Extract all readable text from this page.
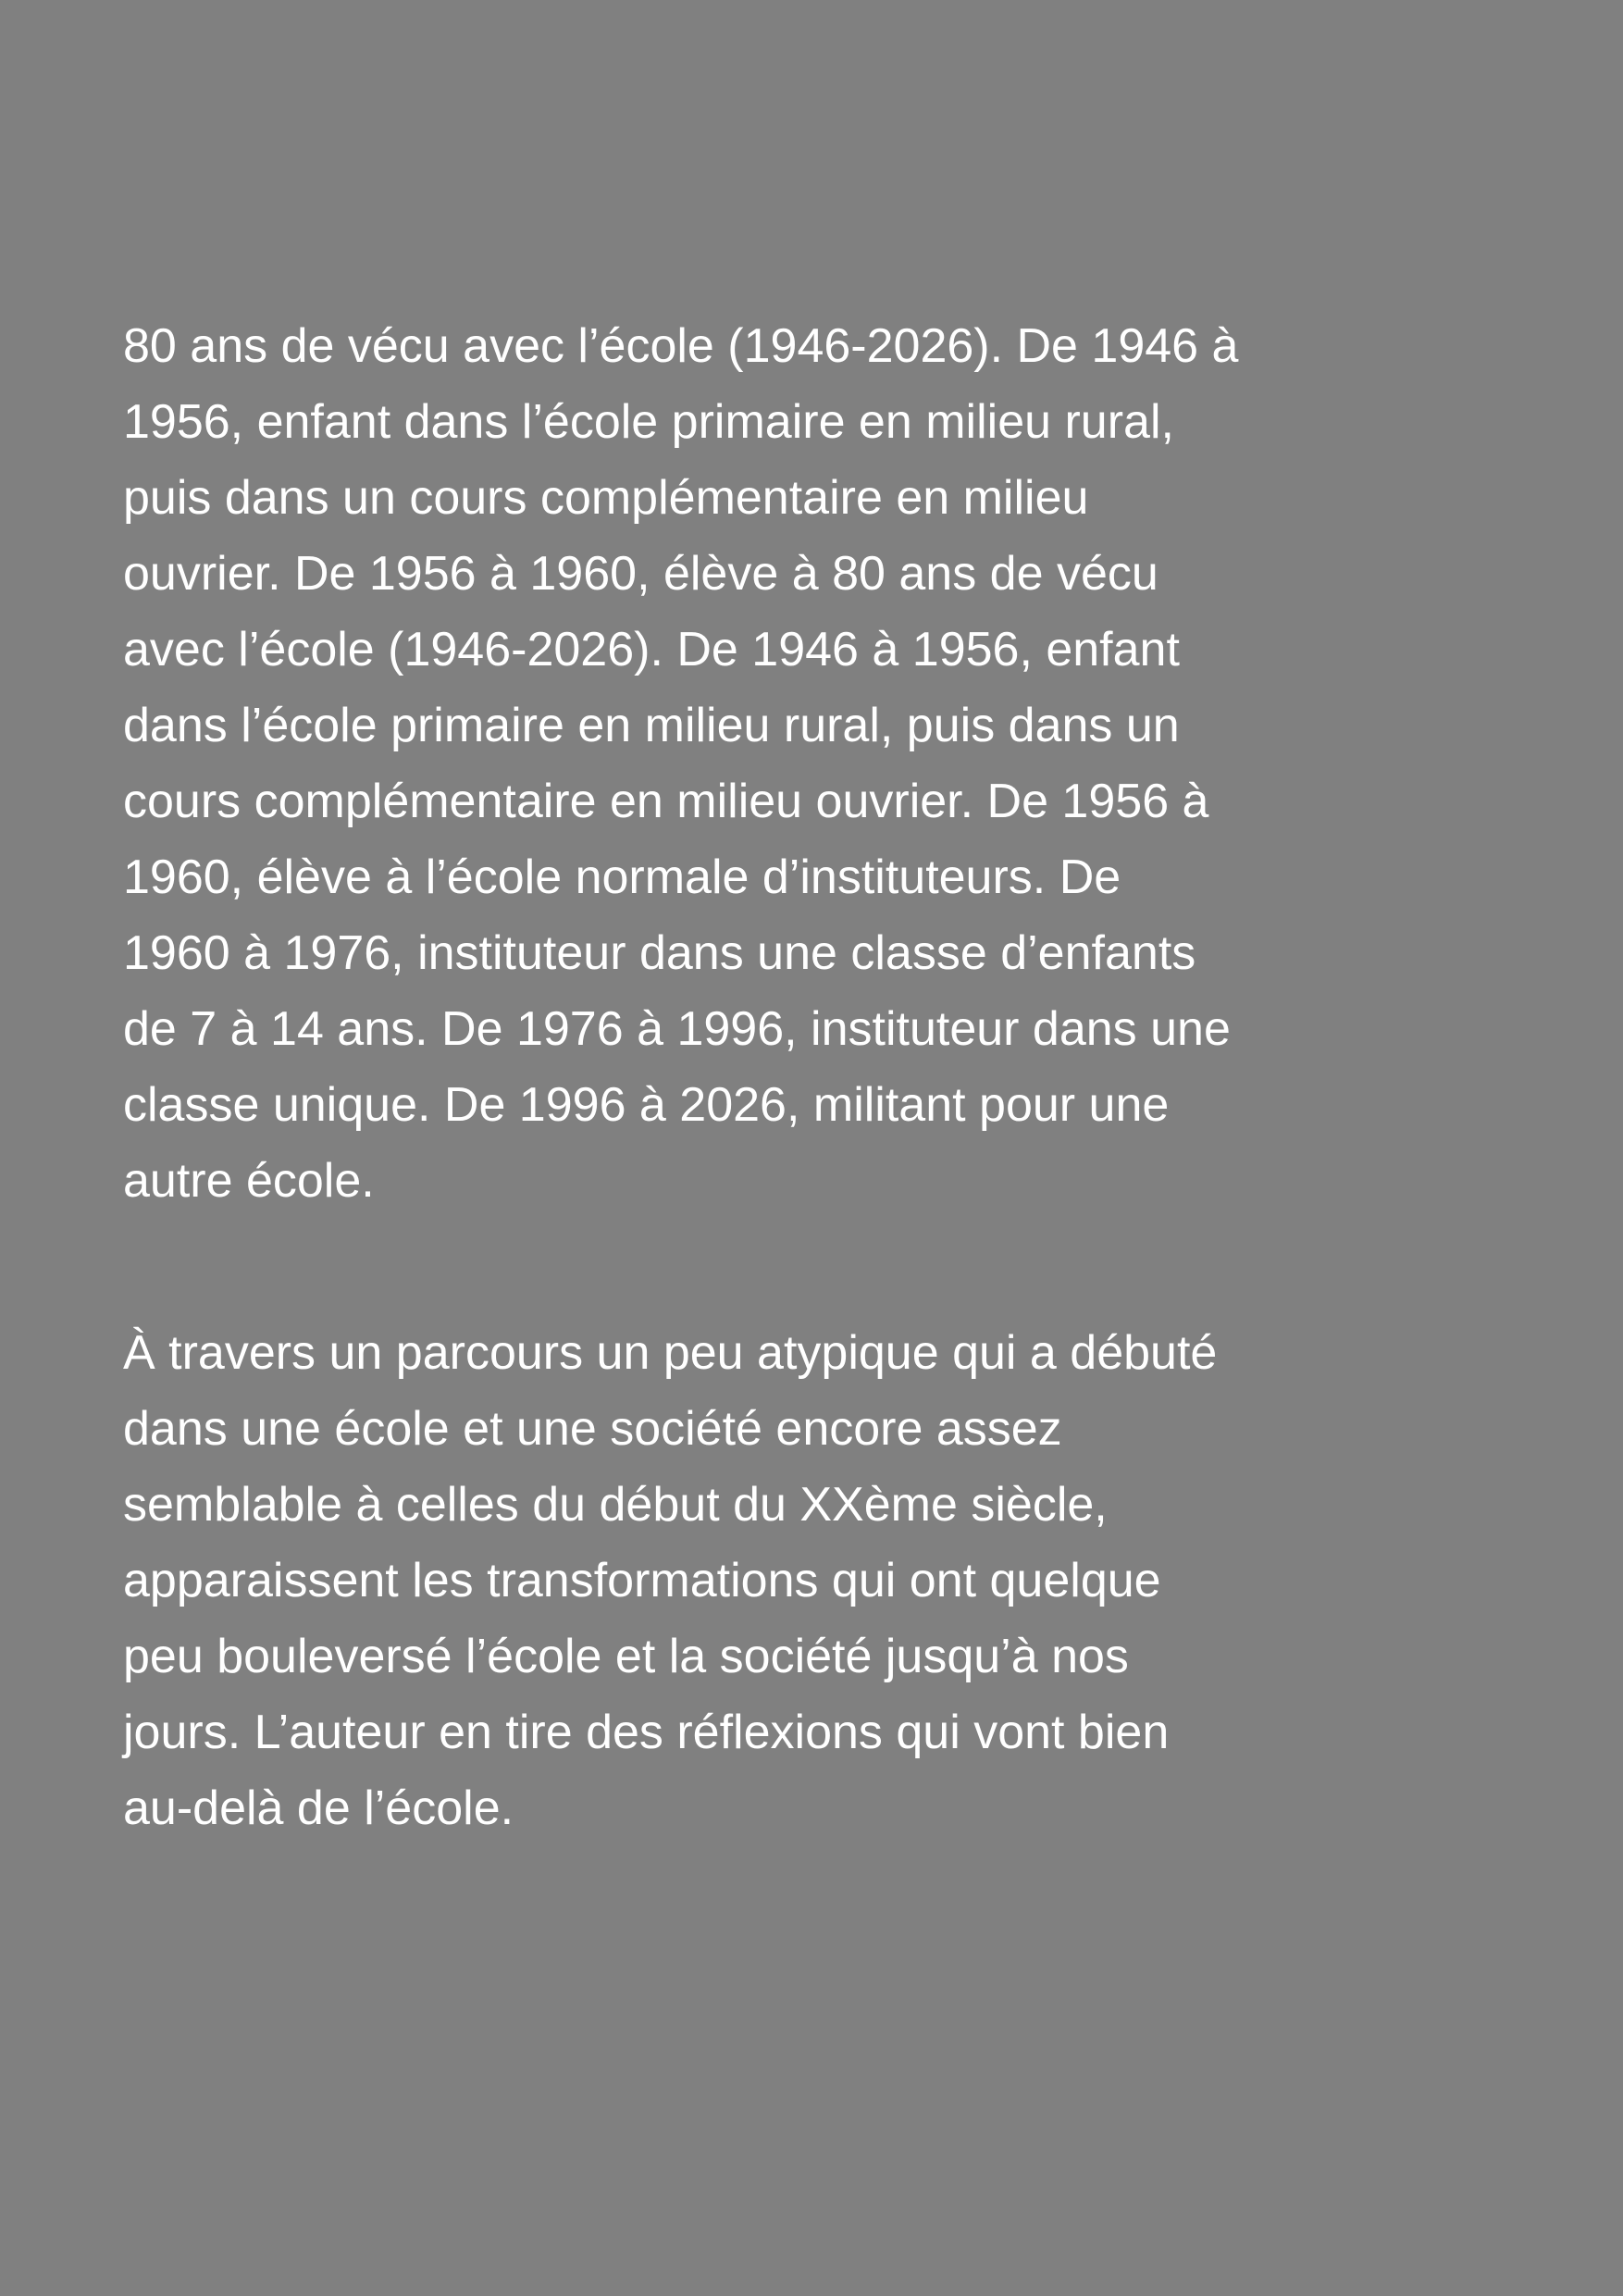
80 ans de vécu avec l’école (1946-2026). De 1946 à
1956, enfant dans l’école primaire en milieu rural,
puis dans un cours complémentaire en milieu
ouvrier. De 1956 à 1960, élève à 80 ans de vécu
avec l’école (1946-2026). De 1946 à 1956, enfant
dans l’école primaire en milieu rural, puis dans un
cours complémentaire en milieu ouvrier. De 1956 à
1960, élève à l’école normale d’instituteurs. De
1960 à 1976, instituteur dans une classe d’enfants
de 7 à 14 ans. De 1976 à 1996, instituteur dans une
classe unique. De 1996 à 2026, militant pour une
autre école.

À travers un parcours un peu atypique qui a débuté
dans une école et une société encore assez
semblable à celles du début du XXème siècle,
apparaissent les transformations qui ont quelque
peu bouleversé l’école et la société jusqu’à nos
jours. L’auteur en tire des réflexions qui vont bien
au-delà de l’école.
